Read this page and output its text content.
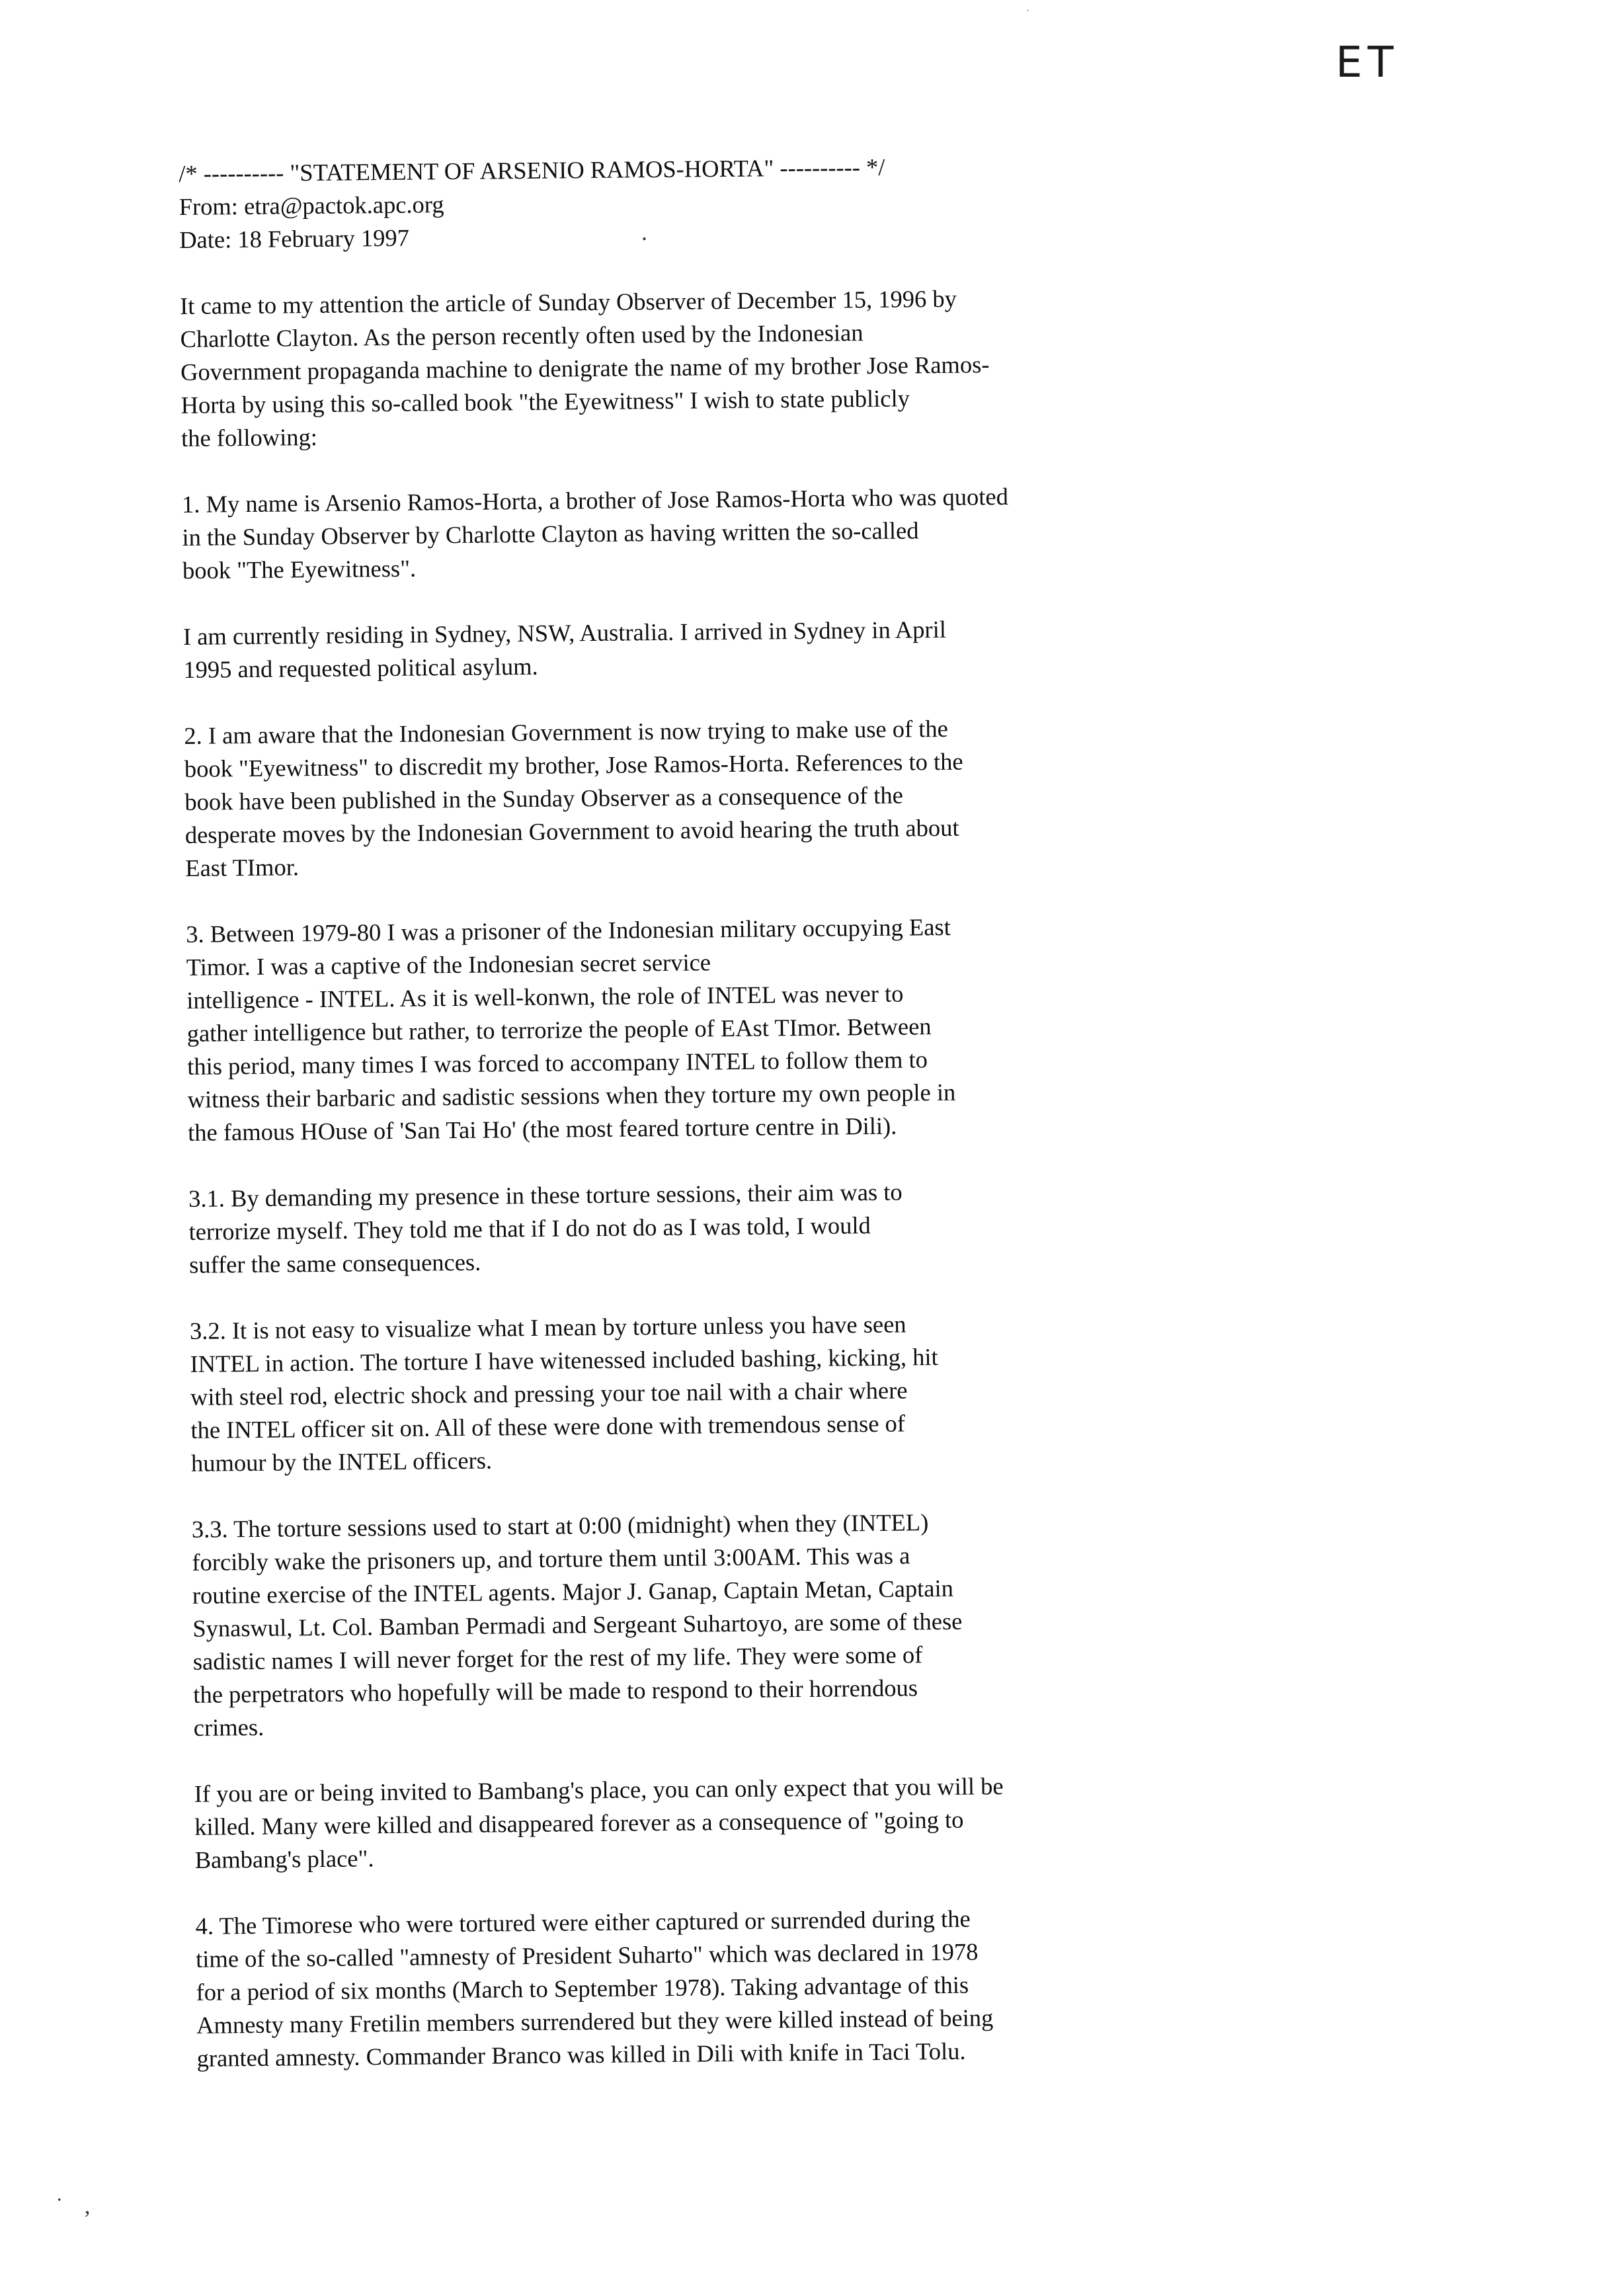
ET
.
˙ ,
.
/* ---------- "STATEMENT OF ARSENIO RAMOS-HORTA" ---------- */
From: etra@pactok.apc.org
Date: 18 February 1997
It came to my attention the article of Sunday Observer of December 15, 1996 by
Charlotte Clayton. As the person recently often used by the Indonesian
Government propaganda machine to denigrate the name of my brother Jose Ramos-
Horta by using this so-called book "the Eyewitness" I wish to state publicly
the following:
1. My name is Arsenio Ramos-Horta, a brother of Jose Ramos-Horta who was quoted
in the Sunday Observer by Charlotte Clayton as having written the so-called
book "The Eyewitness".
I am currently residing in Sydney, NSW, Australia. I arrived in Sydney in April
1995 and requested political asylum.
2. I am aware that the Indonesian Government is now trying to make use of the
book "Eyewitness" to discredit my brother, Jose Ramos-Horta. References to the
book have been published in the Sunday Observer as a consequence of the
desperate moves by the Indonesian Government to avoid hearing the truth about
East TImor.
3. Between 1979-80 I was a prisoner of the Indonesian military occupying East
Timor. I was a captive of the Indonesian secret service
intelligence - INTEL. As it is well-konwn, the role of INTEL was never to
gather intelligence but rather, to terrorize the people of EAst TImor. Between
this period, many times I was forced to accompany INTEL to follow them to
witness their barbaric and sadistic sessions when they torture my own people in
the famous HOuse of 'San Tai Ho' (the most feared torture centre in Dili).
3.1. By demanding my presence in these torture sessions, their aim was to
terrorize myself. They told me that if I do not do as I was told, I would
suffer the same consequences.
3.2. It is not easy to visualize what I mean by torture unless you have seen
INTEL in action. The torture I have witenessed included bashing, kicking, hit
with steel rod, electric shock and pressing your toe nail with a chair where
the INTEL officer sit on. All of these were done with tremendous sense of
humour by the INTEL officers.
3.3. The torture sessions used to start at 0:00 (midnight) when they (INTEL)
forcibly wake the prisoners up, and torture them until 3:00AM. This was a
routine exercise of the INTEL agents. Major J. Ganap, Captain Metan, Captain
Synaswul, Lt. Col. Bamban Permadi and Sergeant Suhartoyo, are some of these
sadistic names I will never forget for the rest of my life. They were some of
the perpetrators who hopefully will be made to respond to their horrendous
crimes.
If you are or being invited to Bambang's place, you can only expect that you will be
killed. Many were killed and disappeared forever as a consequence of "going to
Bambang's place".
4. The Timorese who were tortured were either captured or surrended during the
time of the so-called "amnesty of President Suharto" which was declared in 1978
for a period of six months (March to September 1978). Taking advantage of this
Amnesty many Fretilin members surrendered but they were killed instead of being
granted amnesty. Commander Branco was killed in Dili with knife in Taci Tolu.
